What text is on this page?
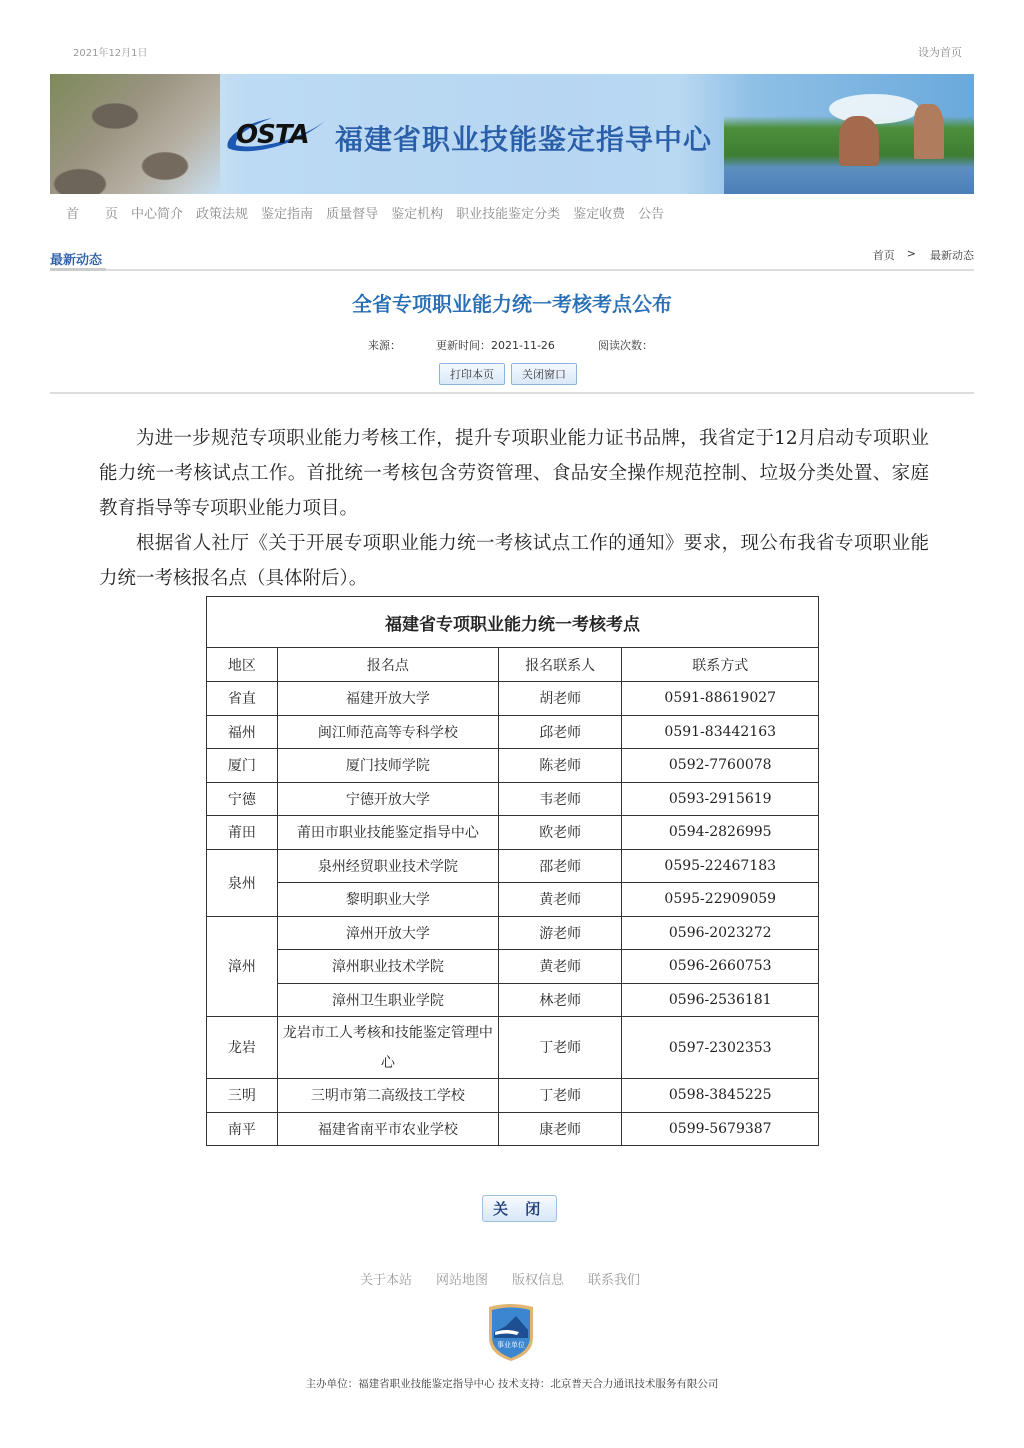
2021年12月1日	设为首页
OSTA 福建省职业技能鉴定指导中心
首　　页 中心简介 政策法规 鉴定指南 质量督导 鉴定机构 职业技能鉴定分类 鉴定收费 公告
最新动态	首页 > 最新动态
全省专项职业能力统一考核考点公布
来源：	更新时间：2021-11-26	阅读次数：
打印本页	关闭窗口

为进一步规范专项职业能力考核工作，提升专项职业能力证书品牌，我省定于12月启动专项职业能力统一考核试点工作。首批统一考核包含劳资管理、食品安全操作规范控制、垃圾分类处置、家庭教育指导等专项职业能力项目。

根据省人社厅《关于开展专项职业能力统一考核试点工作的通知》要求，现公布我省专项职业能力统一考核报名点（具体附后）。

福建省专项职业能力统一考核考点			
地区	报名点	报名联系人	联系方式
省直	福建开放大学	胡老师	0591-88619027
福州	闽江师范高等专科学校	邱老师	0591-83442163
厦门	厦门技师学院	陈老师	0592-7760078
宁德	宁德开放大学	韦老师	0593-2915619
莆田	莆田市职业技能鉴定指导中心	欧老师	0594-2826995
泉州	泉州经贸职业技术学院	邵老师	0595-22467183
	黎明职业大学	黄老师	0595-22909059
漳州	漳州开放大学	游老师	0596-2023272
	漳州职业技术学院	黄老师	0596-2660753
	漳州卫生职业学院	林老师	0596-2536181
龙岩	龙岩市工人考核和技能鉴定管理中心	丁老师	0597-2302353
三明	三明市第二高级技工学校	丁老师	0598-3845225
南平	福建省南平市农业学校	康老师	0599-5679387
关 闭
关于本站 网站地图 版权信息 联系我们
事业单位
主办单位：福建省职业技能鉴定指导中心 技术支持：北京普天合力通讯技术服务有限公司
